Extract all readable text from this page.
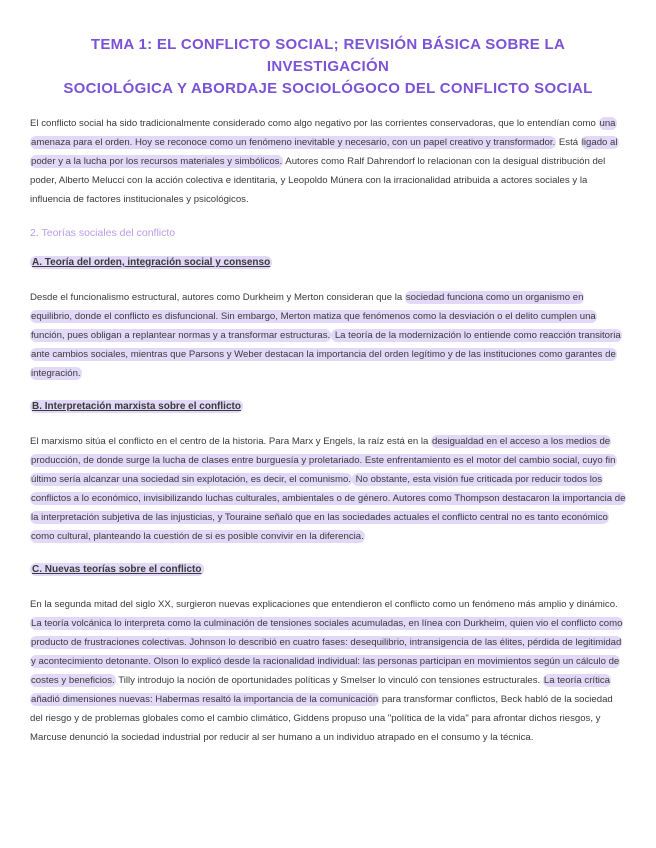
TEMA 1: EL CONFLICTO SOCIAL; REVISIÓN BÁSICA SOBRE LA INVESTIGACIÓN
SOCIOLÓGICA Y ABORDAJE SOCIOLÓGOCO DEL CONFLICTO SOCIAL

El conflicto social ha sido tradicionalmente considerado como algo negativo por las corrientes conservadoras, que lo entendían como una amenaza para el orden. Hoy se reconoce como un fenómeno inevitable y necesario, con un papel creativo y transformador. Está ligado al poder y a la lucha por los recursos materiales y simbólicos. Autores como Ralf Dahrendorf lo relacionan con la desigual distribución del poder, Alberto Melucci con la acción colectiva e identitaria, y Leopoldo Múnera con la irracionalidad atribuida a actores sociales y la influencia de factores institucionales y psicológicos.

2. Teorías sociales del conflicto
A. Teoría del orden, integración social y consenso

Desde el funcionalismo estructural, autores como Durkheim y Merton consideran que la sociedad funciona como un organismo en equilibrio, donde el conflicto es disfuncional. Sin embargo, Merton matiza que fenómenos como la desviación o el delito cumplen una función, pues obligan a replantear normas y a transformar estructuras. La teoría de la modernización lo entiende como reacción transitoria ante cambios sociales, mientras que Parsons y Weber destacan la importancia del orden legítimo y de las instituciones como garantes de integración.

B. Interpretación marxista sobre el conflicto

El marxismo sitúa el conflicto en el centro de la historia. Para Marx y Engels, la raíz está en la desigualdad en el acceso a los medios de producción, de donde surge la lucha de clases entre burguesía y proletariado. Este enfrentamiento es el motor del cambio social, cuyo fin último sería alcanzar una sociedad sin explotación, es decir, el comunismo. No obstante, esta visión fue criticada por reducir todos los conflictos a lo económico, invisibilizando luchas culturales, ambientales o de género. Autores como Thompson destacaron la importancia de la interpretación subjetiva de las injusticias, y Touraine señaló que en las sociedades actuales el conflicto central no es tanto económico como cultural, planteando la cuestión de si es posible convivir en la diferencia.

C. Nuevas teorías sobre el conflicto

En la segunda mitad del siglo XX, surgieron nuevas explicaciones que entendieron el conflicto como un fenómeno más amplio y dinámico. La teoría volcánica lo interpreta como la culminación de tensiones sociales acumuladas, en línea con Durkheim, quien vio el conflicto como producto de frustraciones colectivas. Johnson lo describió en cuatro fases: desequilibrio, intransigencia de las élites, pérdida de legitimidad y acontecimiento detonante. Olson lo explicó desde la racionalidad individual: las personas participan en movimientos según un cálculo de costes y beneficios. Tilly introdujo la noción de oportunidades políticas y Smelser lo vinculó con tensiones estructurales. La teoría crítica añadió dimensiones nuevas: Habermas resaltó la importancia de la comunicación para transformar conflictos, Beck habló de la sociedad del riesgo y de problemas globales como el cambio climático, Giddens propuso una "política de la vida" para afrontar dichos riesgos, y Marcuse denunció la sociedad industrial por reducir al ser humano a un individuo atrapado en el consumo y la técnica.
